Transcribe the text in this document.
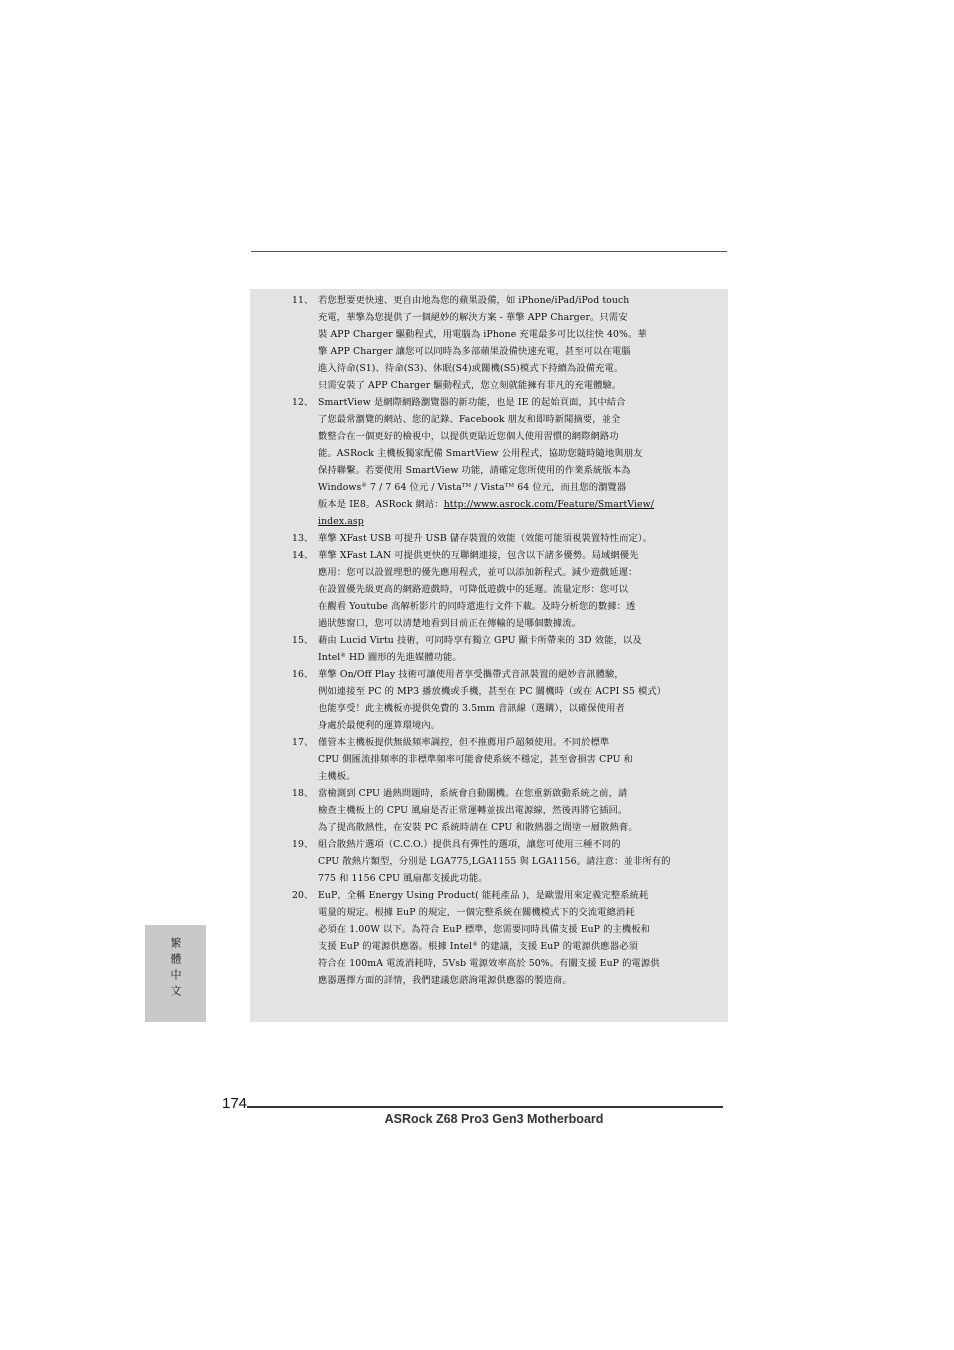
11、 若您想要更快速、更自由地為您的蘋果設備，如 iPhone/iPad/iPod touch
充電，華擎為您提供了一個絕妙的解決方案 - 華擎 APP Charger。只需安
裝 APP Charger 驅動程式，用電腦為 iPhone 充電最多可比以往快 40%。華
擎 APP Charger 讓您可以同時為多部蘋果設備快速充電，甚至可以在電腦
進入待命(S1)、待命(S3)、休眠(S4)或關機(S5)模式下持續為設備充電。
只需安裝了 APP Charger 驅動程式，您立刻就能擁有非凡的充電體驗。
12、 SmartView 是網際網路瀏覽器的新功能，也是 IE 的起始頁面，其中結合
了您最常瀏覽的網站、您的記錄、Facebook 朋友和即時新聞摘要，並全
數整合在一個更好的檢視中，以提供更貼近您個人使用習慣的網際網路功
能。ASRock 主機板獨家配備 SmartView 公用程式，協助您隨時隨地與朋友
保持聯繫。若要使用 SmartView 功能，請確定您所使用的作業系統版本為
Windows® 7 / 7 64 位元 / Vista™ / Vista™ 64 位元，而且您的瀏覽器
版本是 IE8。ASRock 網站：http://www.asrock.com/Feature/SmartView/
index.asp
13、 華擎 XFast USB 可提升 USB 儲存裝置的效能（效能可能須視裝置特性而定）。
14、 華擎 XFast LAN 可提供更快的互聯網連接，包含以下諸多優勢。局域網優先
應用：您可以設置理想的優先應用程式，並可以添加新程式。減少遊戲延遲：
在設置優先級更高的網路遊戲時，可降低遊戲中的延遲。流量定形：您可以
在觀看 Youtube 高解析影片的同時還進行文件下載。及時分析您的數據：透
過狀態窗口，您可以清楚地看到目前正在傳輸的是哪個數據流。
15、 藉由 Lucid Virtu 技術，可同時享有獨立 GPU 顯卡所帶來的 3D 效能，以及
Intel® HD 圖形的先進媒體功能。
16、 華擎 On/Off Play 技術可讓使用者享受攜帶式音訊裝置的絕妙音訊體驗，
例如連接至 PC 的 MP3 播放機或手機，甚至在 PC 關機時（或在 ACPI S5 模式）
也能享受！此主機板亦提供免費的 3.5mm 音訊線（選購），以確保使用者
身處於最便利的運算環境內。
17、 僅管本主機板提供無級頻率調控，但不推薦用戶超頻使用。不同於標準
CPU 側匯流排頻率的非標準頻率可能會使系統不穩定，甚至會損害 CPU 和
主機板。
18、 當檢測到 CPU 過熱問題時，系統會自動關機。在您重新啟動系統之前，請
檢查主機板上的 CPU 風扇是否正常運轉並拔出電源線，然後再將它插回。
為了提高散熱性，在安裝 PC 系統時請在 CPU 和散熱器之間塗一層散熱膏。
19、 組合散熱片選項（C.C.O.）提供具有彈性的選項，讓您可使用三種不同的
CPU 散熱片類型，分別是 LGA775,LGA1155 與 LGA1156。請注意：並非所有的
775 和 1156 CPU 風扇都支援此功能。
20、 EuP，全稱 Energy Using Product( 能耗產品 )，是歐盟用來定義完整系統耗
電量的規定。根據 EuP 的規定，一個完整系統在關機模式下的交流電總消耗
必須在 1.00W 以下。為符合 EuP 標準，您需要同時具備支援 EuP 的主機板和
支援 EuP 的電源供應器。根據 Intel® 的建議，支援 EuP 的電源供應器必須
符合在 100mA 電流消耗時，5Vsb 電源效率高於 50%。有關支援 EuP 的電源供
應器選擇方面的詳情，我們建議您諮詢電源供應器的製造商。
繁體中文
174
ASRock Z68 Pro3 Gen3 Motherboard
